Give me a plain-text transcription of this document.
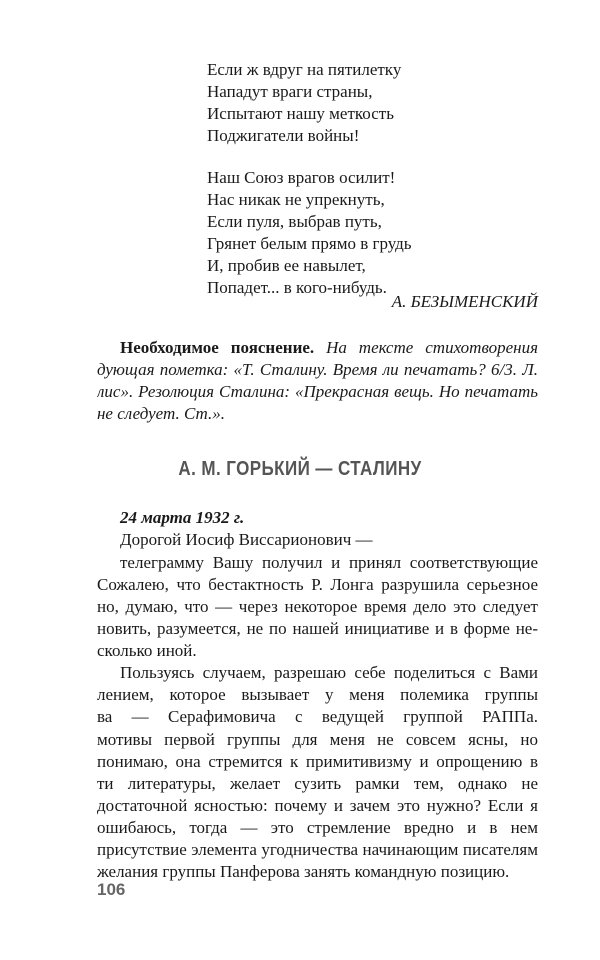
Если ж вдруг на пятилетку
Нападут враги страны,
Испытают нашу меткость
Поджигатели войны!
Наш Союз врагов осилит!
Нас никак не упрекнуть,
Если пуля, выбрав путь,
Грянет белым прямо в грудь
И, пробив ее навылет,
Попадет... в кого-нибудь.
А. БЕЗЫМЕНСКИЙ
Необходимое пояснение. На тексте стихотворения
дующая пометка: «Т. Сталину. Время ли печатать? 6/3. Л.
лис». Резолюция Сталина: «Прекрасная вещь. Но печатать
не следует. Ст.».
А. М. ГОРЬКИЙ — СТАЛИНУ
24 марта 1932 г.
Дорогой Иосиф Виссарионович —
телеграмму Вашу получил и принял соответствующие
Сожалею, что бестактность Р. Лонга разрушила серьезное
но, думаю, что — через некоторое время дело это следует
новить, разумеется, не по нашей инициативе и в форме не-
сколько иной.
Пользуясь случаем, разрешаю себе поделиться с Вами
лением, которое вызывает у меня полемика группы
ва — Серафимовича с ведущей группой РАППа.
мотивы первой группы для меня не совсем ясны, но
понимаю, она стремится к примитивизму и опрощению в
ти литературы, желает сузить рамки тем, однако не
достаточной ясностью: почему и зачем это нужно? Если я
ошибаюсь, тогда — это стремление вредно и в нем
присутствие элемента угодничества начинающим писателям
желания группы Панферова занять командную позицию.
106
